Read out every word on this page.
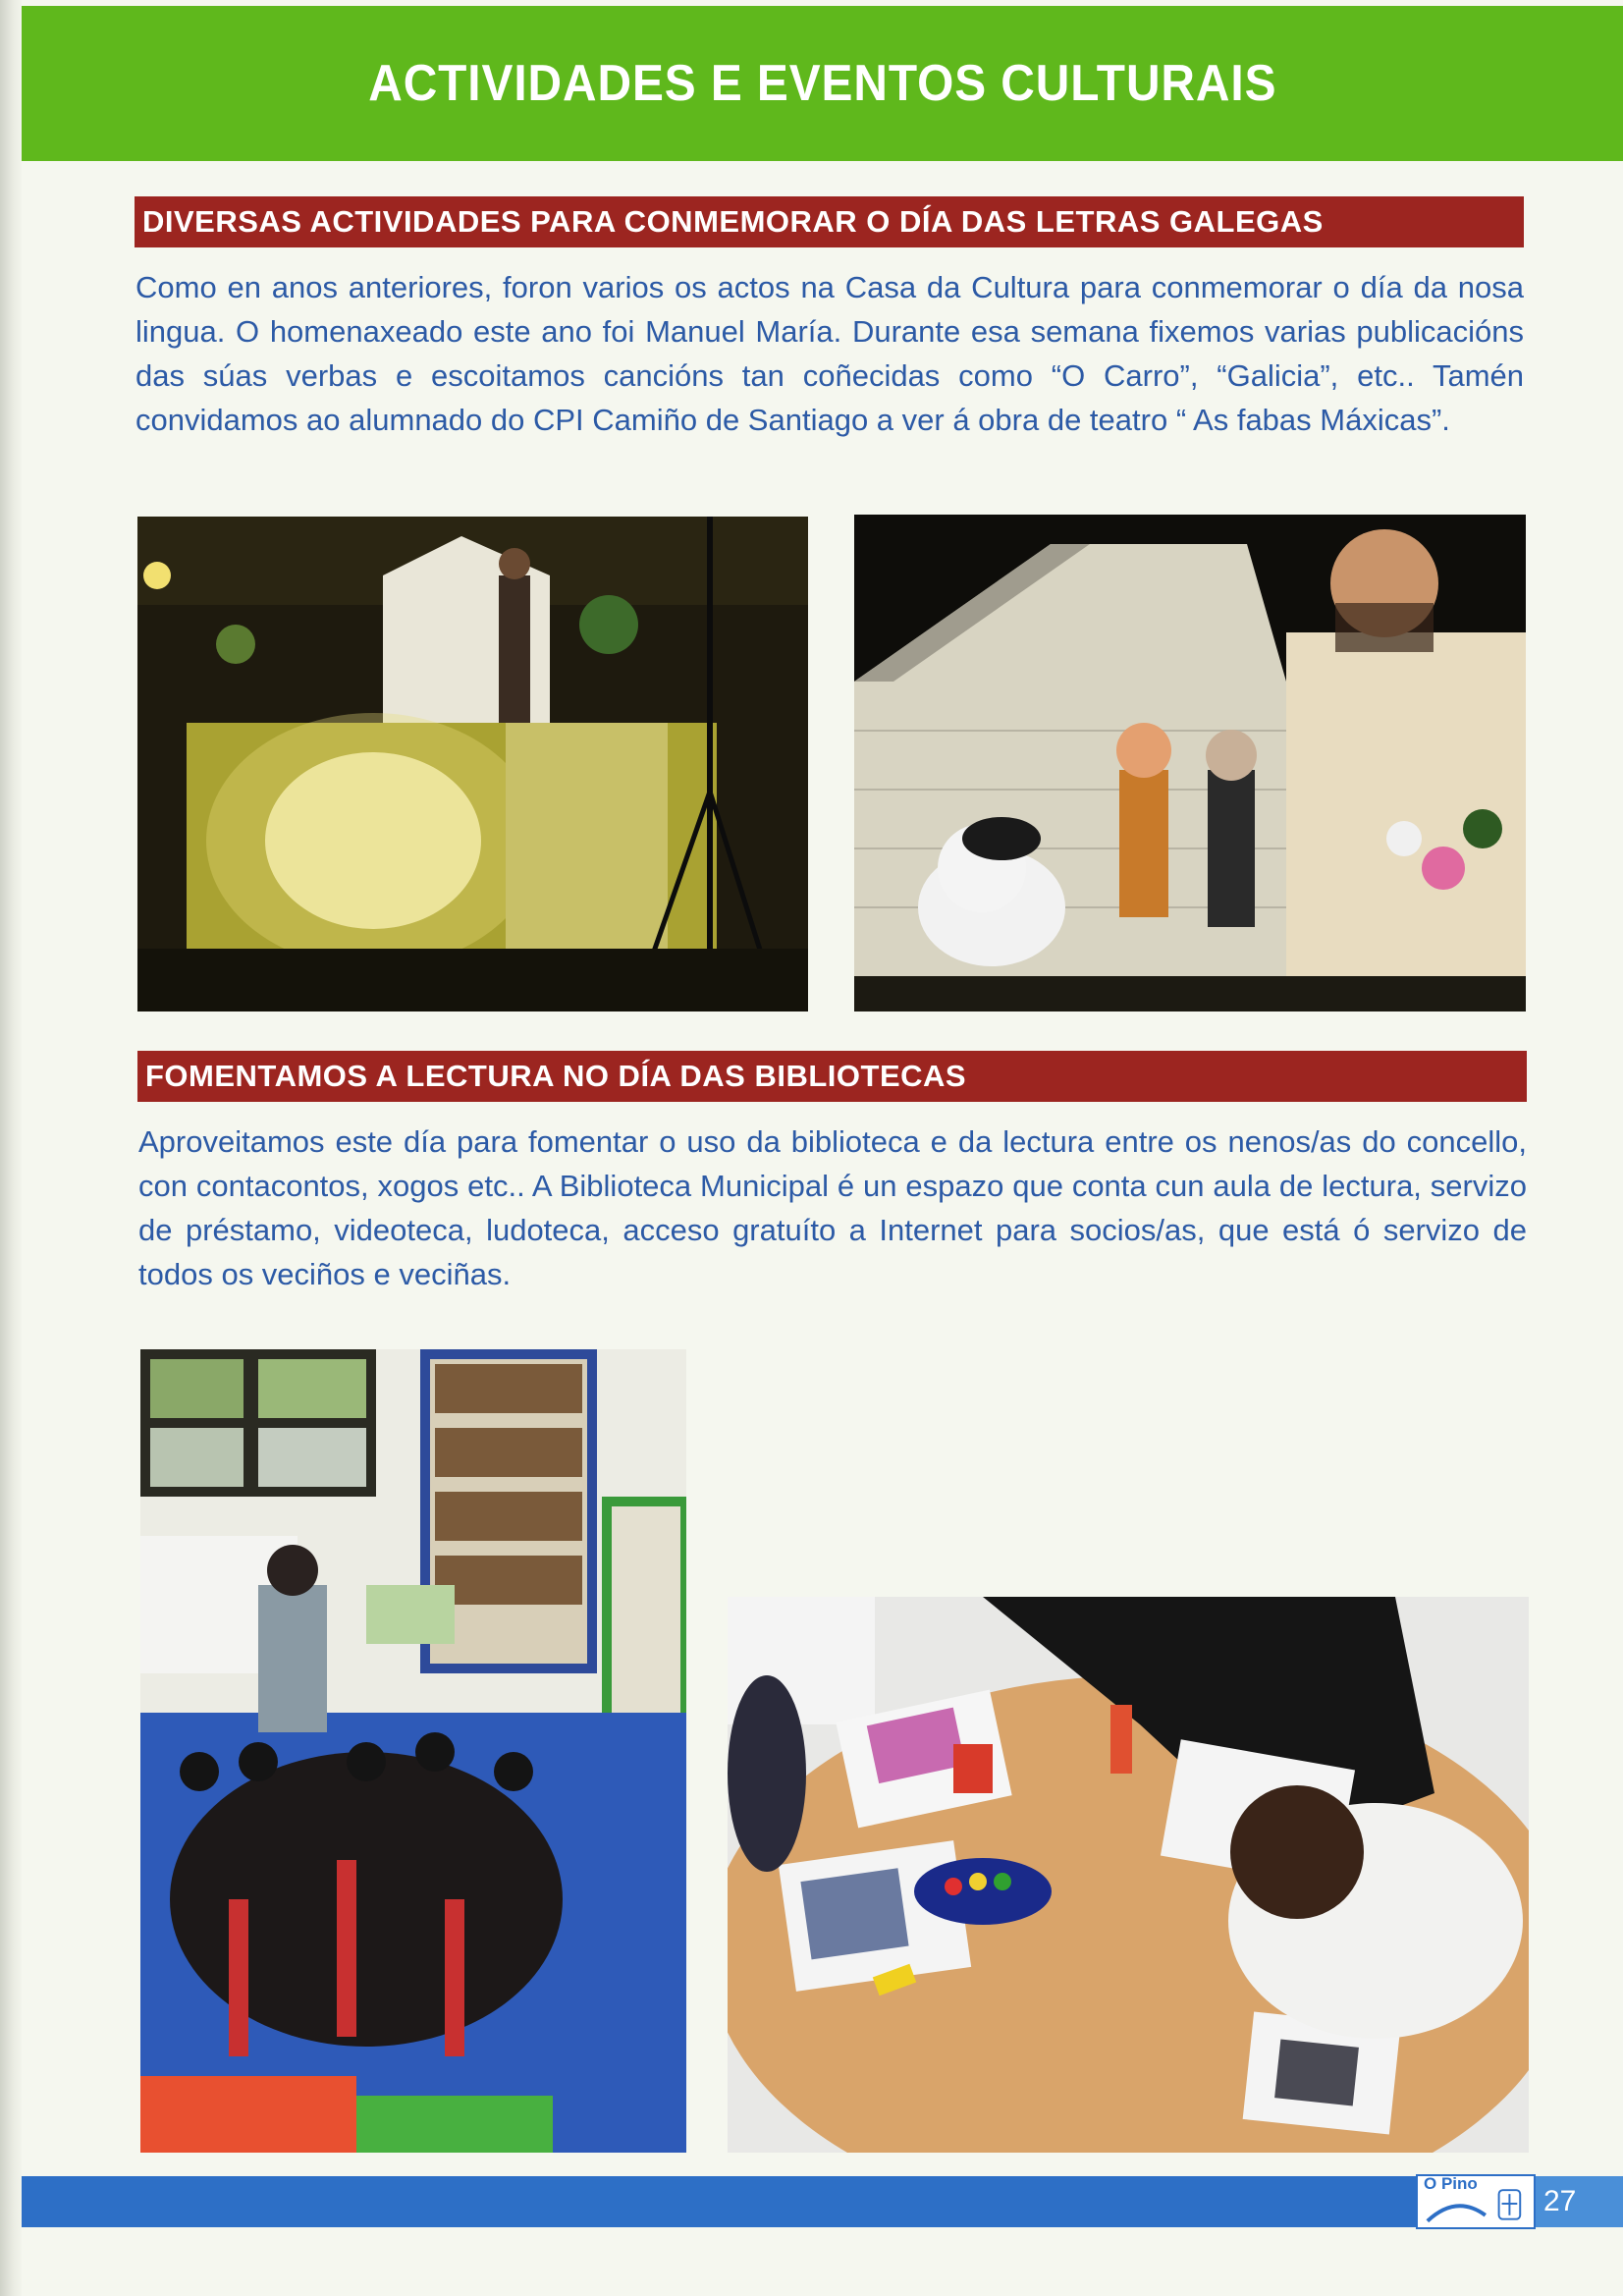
ACTIVIDADES E EVENTOS CULTURAIS
DIVERSAS ACTIVIDADES PARA CONMEMORAR O DÍA DAS LETRAS GALEGAS

Como en anos anteriores, foron varios os actos na Casa da Cultura para conmemorar o día da nosa lingua. O homenaxeado este ano foi Manuel María. Durante esa semana fixemos varias publicacións das súas verbas e escoitamos cancións tan coñecidas como “O Carro”, “Galicia”, etc.. Tamén convidamos ao alumnado do CPI Camiño de Santiago a ver á obra de teatro “ As fabas Máxicas”.

FOMENTAMOS A LECTURA NO DÍA DAS BIBLIOTECAS

Aproveitamos este día para fomentar o uso da biblioteca e da lectura entre os nenos/as do concello, con contacontos, xogos etc.. A Biblioteca Municipal é un espazo que conta cun aula de lectura, servizo de préstamo, videoteca, ludoteca, acceso gratuíto a Internet para socios/as, que está ó servizo de todos os veciños e veciñas.

O Pino
27
